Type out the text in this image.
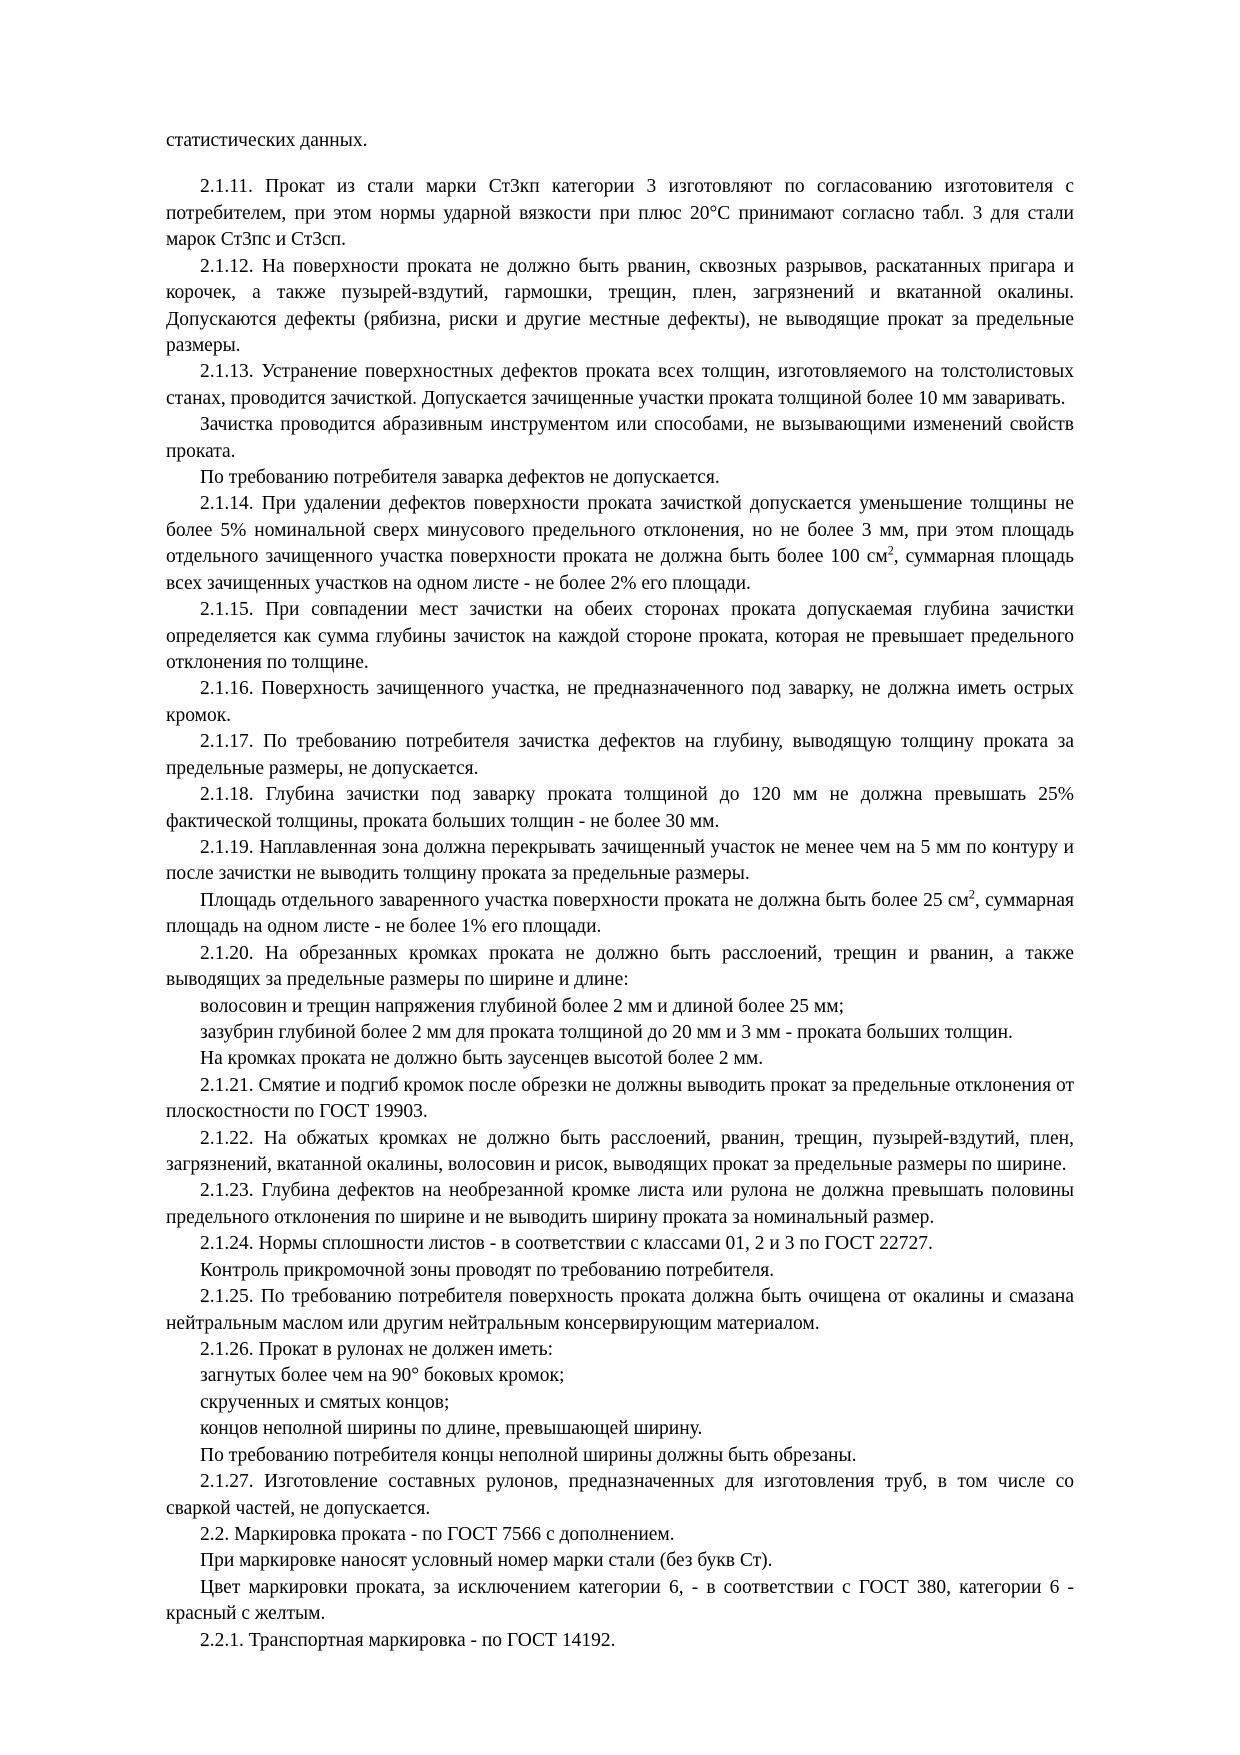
статистических данных.

2.1.11. Прокат из стали марки Ст3кп категории 3 изготовляют по согласованию изготовителя с потребителем, при этом нормы ударной вязкости при плюс 20°С принимают согласно табл. 3 для стали марок Ст3пс и Ст3сп.

2.1.12. На поверхности проката не должно быть рванин, сквозных разрывов, раскатанных пригара и корочек, а также пузырей-вздутий, гармошки, трещин, плен, загрязнений и вкатанной окалины. Допускаются дефекты (рябизна, риски и другие местные дефекты), не выводящие прокат за предельные размеры.

2.1.13. Устранение поверхностных дефектов проката всех толщин, изготовляемого на толстолистовых станах, проводится зачисткой. Допускается зачищенные участки проката толщиной более 10 мм заваривать.

Зачистка проводится абразивным инструментом или способами, не вызывающими изменений свойств проката.

По требованию потребителя заварка дефектов не допускается.

2.1.14. При удалении дефектов поверхности проката зачисткой допускается уменьшение толщины не более 5% номинальной сверх минусового предельного отклонения, но не более 3 мм, при этом площадь отдельного зачищенного участка поверхности проката не должна быть более 100 $см^2$, суммарная площадь всех зачищенных участков на одном листе - не более 2% его площади.

2.1.15. При совпадении мест зачистки на обеих сторонах проката допускаемая глубина зачистки определяется как сумма глубины зачисток на каждой стороне проката, которая не превышает предельного отклонения по толщине.

2.1.16. Поверхность зачищенного участка, не предназначенного под заварку, не должна иметь острых кромок.

2.1.17. По требованию потребителя зачистка дефектов на глубину, выводящую толщину проката за предельные размеры, не допускается.

2.1.18. Глубина зачистки под заварку проката толщиной до 120 мм не должна превышать 25% фактической толщины, проката больших толщин - не более 30 мм.

2.1.19. Наплавленная зона должна перекрывать зачищенный участок не менее чем на 5 мм по контуру и после зачистки не выводить толщину проката за предельные размеры.

Площадь отдельного заваренного участка поверхности проката не должна быть более 25 $см^2$, суммарная площадь на одном листе - не более 1% его площади.

2.1.20. На обрезанных кромках проката не должно быть расслоений, трещин и рванин, а также выводящих за предельные размеры по ширине и длине:

волосовин и трещин напряжения глубиной более 2 мм и длиной более 25 мм;

зазубрин глубиной более 2 мм для проката толщиной до 20 мм и 3 мм - проката больших толщин.

На кромках проката не должно быть заусенцев высотой более 2 мм.

2.1.21. Смятие и подгиб кромок после обрезки не должны выводить прокат за предельные отклонения от плоскостности по ГОСТ 19903.

2.1.22. На обжатых кромках не должно быть расслоений, рванин, трещин, пузырей-вздутий, плен, загрязнений, вкатанной окалины, волосовин и рисок, выводящих прокат за предельные размеры по ширине.

2.1.23. Глубина дефектов на необрезанной кромке листа или рулона не должна превышать половины предельного отклонения по ширине и не выводить ширину проката за номинальный размер.

2.1.24. Нормы сплошности листов - в соответствии с классами 01, 2 и 3 по ГОСТ 22727.

Контроль прикромочной зоны проводят по требованию потребителя.

2.1.25. По требованию потребителя поверхность проката должна быть очищена от окалины и смазана нейтральным маслом или другим нейтральным консервирующим материалом.

2.1.26. Прокат в рулонах не должен иметь:

загнутых более чем на 90° боковых кромок;

скрученных и смятых концов;

концов неполной ширины по длине, превышающей ширину.

По требованию потребителя концы неполной ширины должны быть обрезаны.

2.1.27. Изготовление составных рулонов, предназначенных для изготовления труб, в том числе со сваркой частей, не допускается.

2.2. Маркировка проката - по ГОСТ 7566 с дополнением.

При маркировке наносят условный номер марки стали (без букв Ст).

Цвет маркировки проката, за исключением категории 6, - в соответствии с ГОСТ 380, категории 6 - красный с желтым.

2.2.1. Транспортная маркировка - по ГОСТ 14192.
